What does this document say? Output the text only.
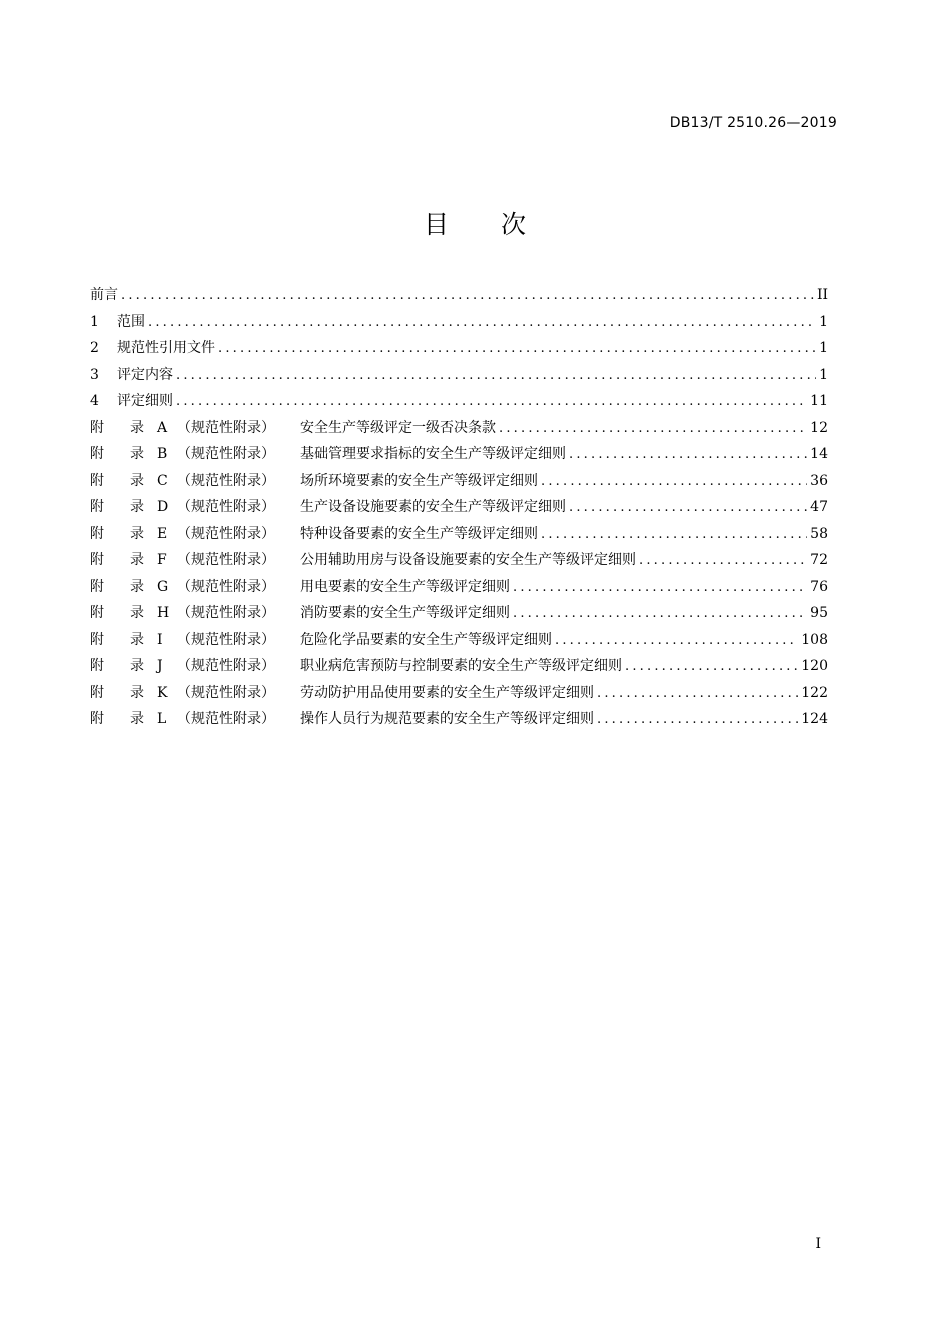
DB13/T 2510.26—2019
目 次
前言 .....	II
1	范围 .....	1
2	规范性引用文件 .....	1
3	评定内容 .....	1
4	评定细则 .....	11
附	录 A （规范性附录）	安全生产等级评定一级否决条款 .....	12
附	录 B （规范性附录）	基础管理要求指标的安全生产等级评定细则 .....	14
附	录 C （规范性附录）	场所环境要素的安全生产等级评定细则 .....	36
附	录 D （规范性附录）	生产设备设施要素的安全生产等级评定细则 .....	47
附	录 E （规范性附录）	特种设备要素的安全生产等级评定细则 .....	58
附	录 F （规范性附录）	公用辅助用房与设备设施要素的安全生产等级评定细则 .....	72
附	录 G （规范性附录）	用电要素的安全生产等级评定细则 .....	76
附	录 H （规范性附录）	消防要素的安全生产等级评定细则 .....	95
附	录 I	（规范性附录）	危险化学品要素的安全生产等级评定细则 .....	108
附	录 J	（规范性附录）	职业病危害预防与控制要素的安全生产等级评定细则 .....	120
附	录 K （规范性附录）	劳动防护用品使用要素的安全生产等级评定细则 .....	122
附	录 L （规范性附录）	操作人员行为规范要素的安全生产等级评定细则 .....	124
I
